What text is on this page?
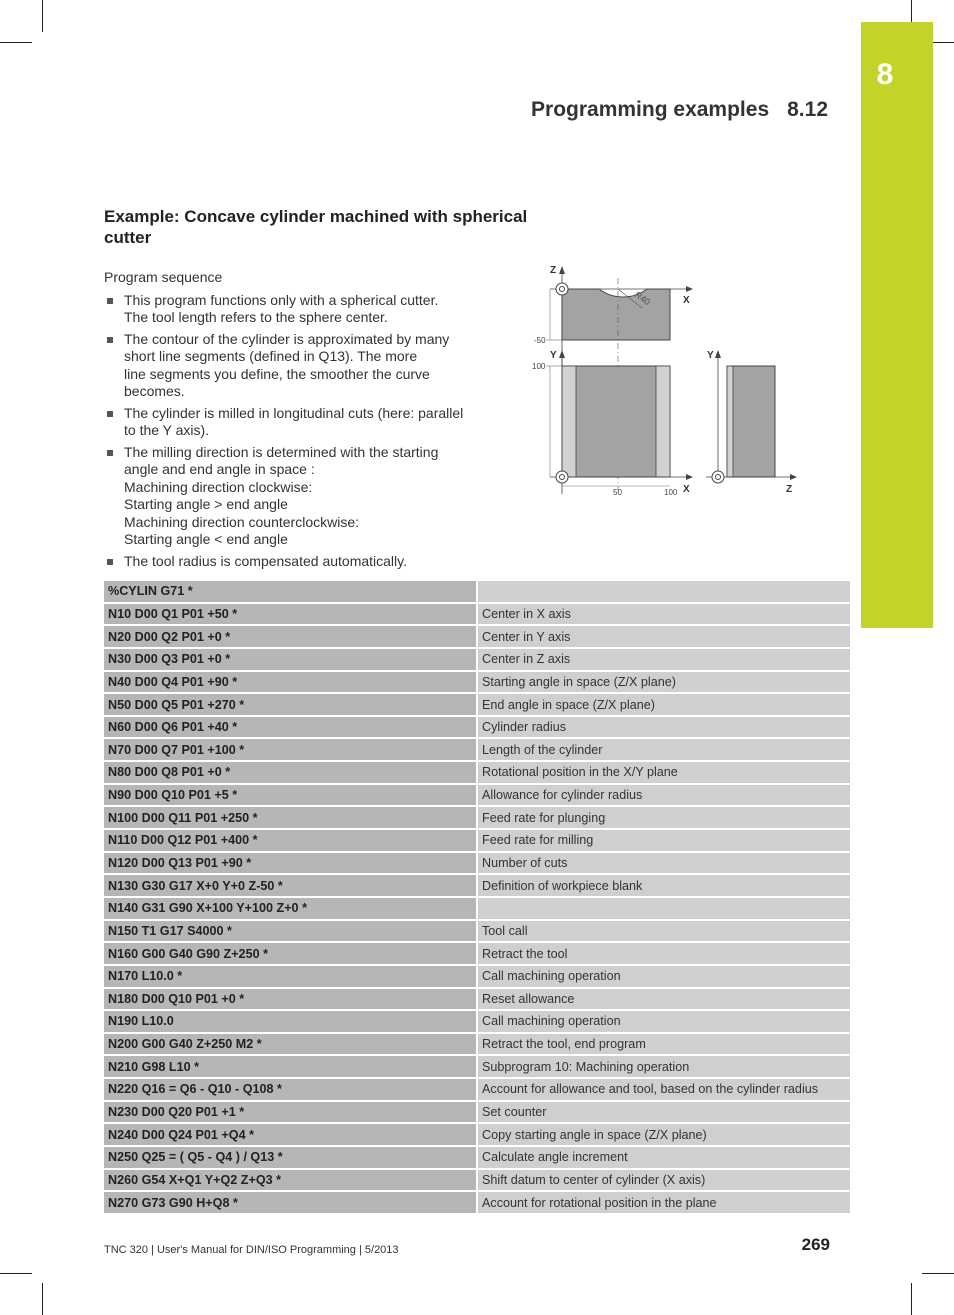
8
Programming examples 8.12
Example: Concave cylinder machined with spherical cutter

Program sequence

This program functions only with a spherical cutter.
The tool length refers to the sphere center.
The contour of the cylinder is approximated by many
short line segments (defined in Q13). The more
line segments you define, the smoother the curve
becomes.
The cylinder is milled in longitudinal cuts (here: parallel
to the Y axis).
The milling direction is determined with the starting
angle and end angle in space :
Machining direction clockwise:
Starting angle > end angle
Machining direction counterclockwise:
Starting angle < end angle
The tool radius is compensated automatically.
Z
X
R40
-50
Y
X
100
50	100
Y
Z
%CYLIN G71 *	
N10 D00 Q1 P01 +50 *	Center in X axis
N20 D00 Q2 P01 +0 *	Center in Y axis
N30 D00 Q3 P01 +0 *	Center in Z axis
N40 D00 Q4 P01 +90 *	Starting angle in space (Z/X plane)
N50 D00 Q5 P01 +270 *	End angle in space (Z/X plane)
N60 D00 Q6 P01 +40 *	Cylinder radius
N70 D00 Q7 P01 +100 *	Length of the cylinder
N80 D00 Q8 P01 +0 *	Rotational position in the X/Y plane
N90 D00 Q10 P01 +5 *	Allowance for cylinder radius
N100 D00 Q11 P01 +250 *	Feed rate for plunging
N110 D00 Q12 P01 +400 *	Feed rate for milling
N120 D00 Q13 P01 +90 *	Number of cuts
N130 G30 G17 X+0 Y+0 Z-50 *	Definition of workpiece blank
N140 G31 G90 X+100 Y+100 Z+0 *	
N150 T1 G17 S4000 *	Tool call
N160 G00 G40 G90 Z+250 *	Retract the tool
N170 L10.0 *	Call machining operation
N180 D00 Q10 P01 +0 *	Reset allowance
N190 L10.0	Call machining operation
N200 G00 G40 Z+250 M2 *	Retract the tool, end program
N210 G98 L10 *	Subprogram 10: Machining operation
N220 Q16 = Q6 - Q10 - Q108 *	Account for allowance and tool, based on the cylinder radius
N230 D00 Q20 P01 +1 *	Set counter
N240 D00 Q24 P01 +Q4 *	Copy starting angle in space (Z/X plane)
N250 Q25 = ( Q5 - Q4 ) / Q13 *	Calculate angle increment
N260 G54 X+Q1 Y+Q2 Z+Q3 *	Shift datum to center of cylinder (X axis)
N270 G73 G90 H+Q8 *	Account for rotational position in the plane
TNC 320 | User's Manual for DIN/ISO Programming | 5/2013	269
